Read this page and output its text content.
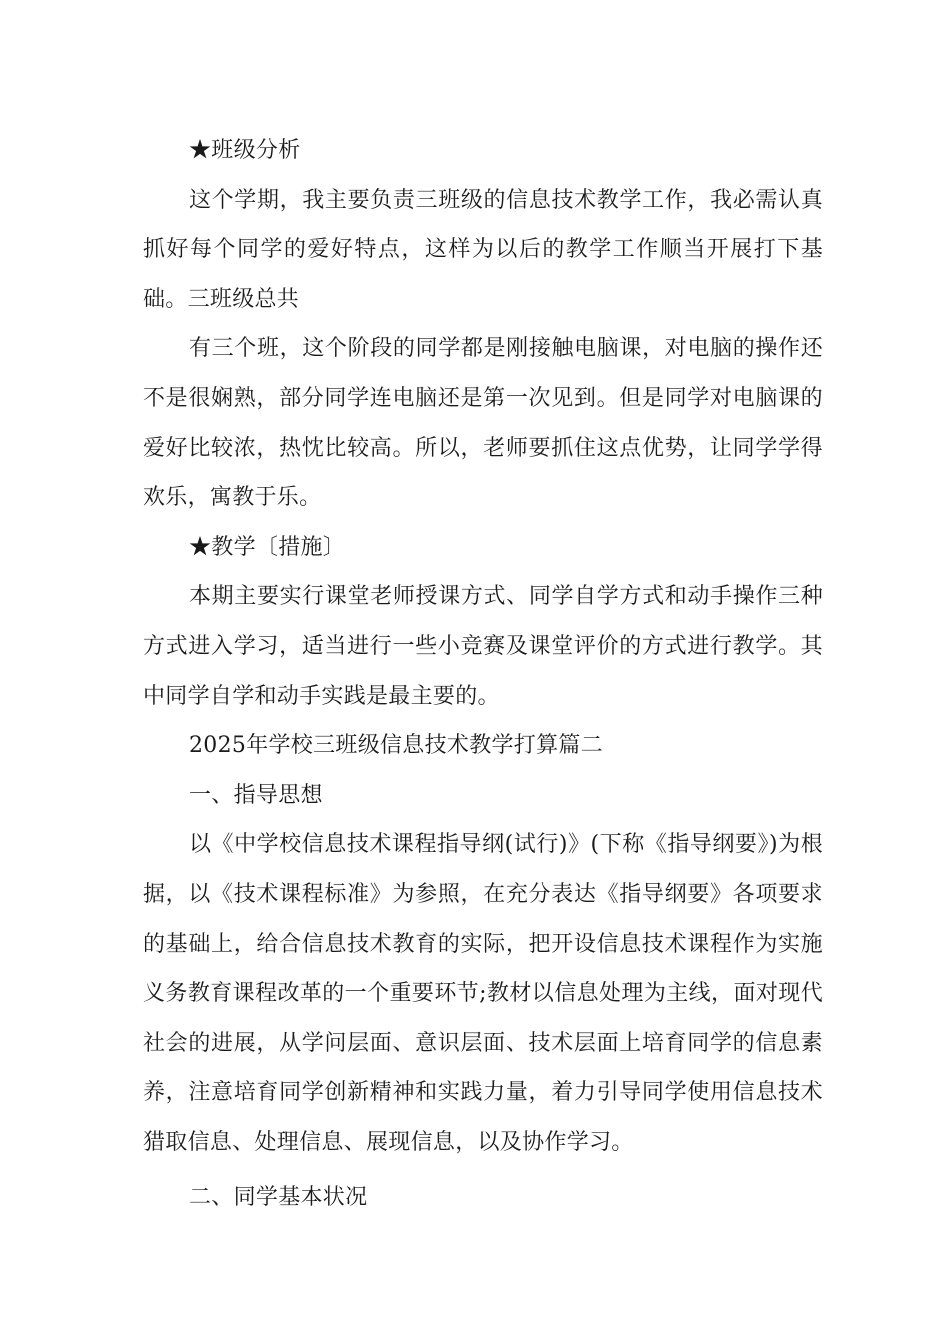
★班级分析

这个学期，我主要负责三班级的信息技术教学工作，我必需认真抓好每个同学的爱好特点，这样为以后的教学工作顺当开展打下基础。三班级总共

有三个班，这个阶段的同学都是刚接触电脑课，对电脑的操作还不是很娴熟，部分同学连电脑还是第一次见到。但是同学对电脑课的爱好比较浓，热忱比较高。所以，老师要抓住这点优势，让同学学得欢乐，寓教于乐。

★教学〔措施〕

本期主要实行课堂老师授课方式、同学自学方式和动手操作三种方式进入学习，适当进行一些小竞赛及课堂评价的方式进行教学。其中同学自学和动手实践是最主要的。

2025年学校三班级信息技术教学打算篇二

一、指导思想

以《中学校信息技术课程指导纲(试行)》(下称《指导纲要》)为根据，以《技术课程标准》为参照，在充分表达《指导纲要》各项要求的基础上，给合信息技术教育的实际，把开设信息技术课程作为实施义务教育课程改革的一个重要环节;教材以信息处理为主线，面对现代社会的进展，从学问层面、意识层面、技术层面上培育同学的信息素养，注意培育同学创新精神和实践力量，着力引导同学使用信息技术猎取信息、处理信息、展现信息，以及协作学习。

二、同学基本状况
